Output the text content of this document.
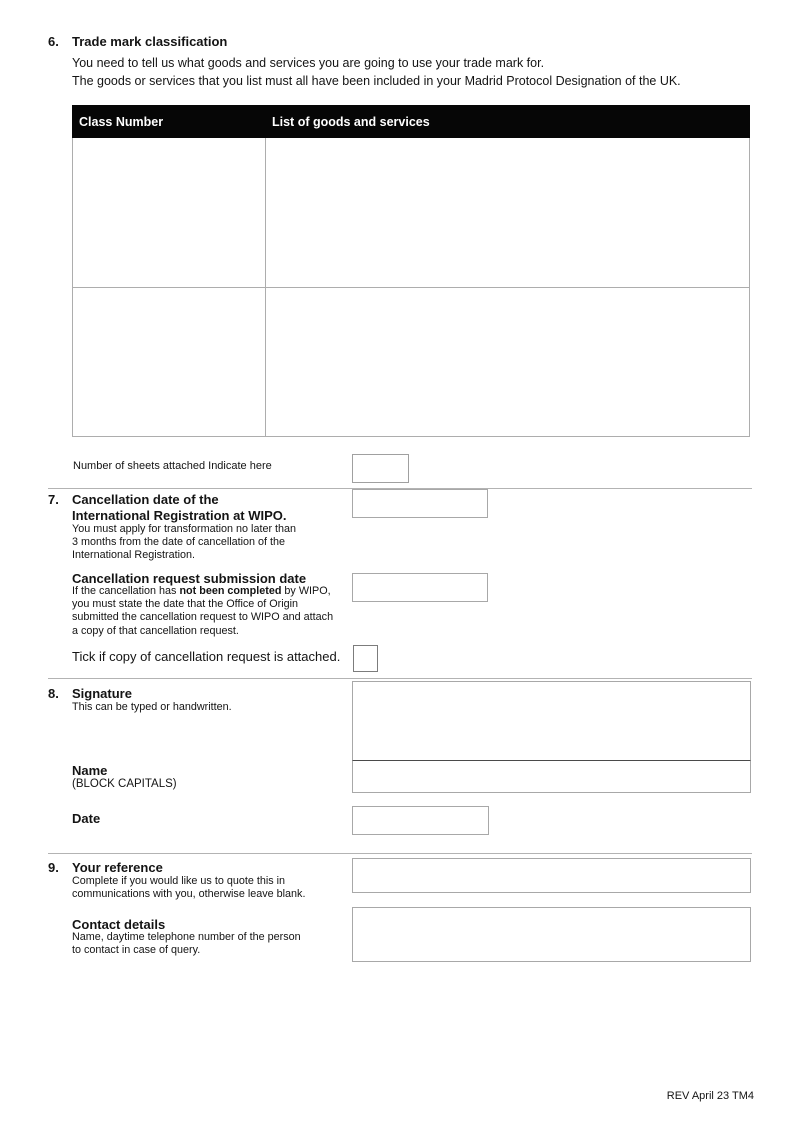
6. Trade mark classification
You need to tell us what goods and services you are going to use your trade mark for.
The goods or services that you list must all have been included in your Madrid Protocol Designation of the UK.
Class Number	List of goods and services
Number of sheets attached Indicate here
7. Cancellation date of the
International Registration at WIPO.
You must apply for transformation no later than
3 months from the date of cancellation of the
International Registration.
Cancellation request submission date
If the cancellation has not been completed by WIPO,
you must state the date that the Office of Origin
submitted the cancellation request to WIPO and attach
a copy of that cancellation request.
Tick if copy of cancellation request is attached.
8. Signature
This can be typed or handwritten.
Name
(BLOCK CAPITALS)
Date
9. Your reference
Complete if you would like us to quote this in
communications with you, otherwise leave blank.
Contact details
Name, daytime telephone number of the person
to contact in case of query.
REV April 23 TM4
